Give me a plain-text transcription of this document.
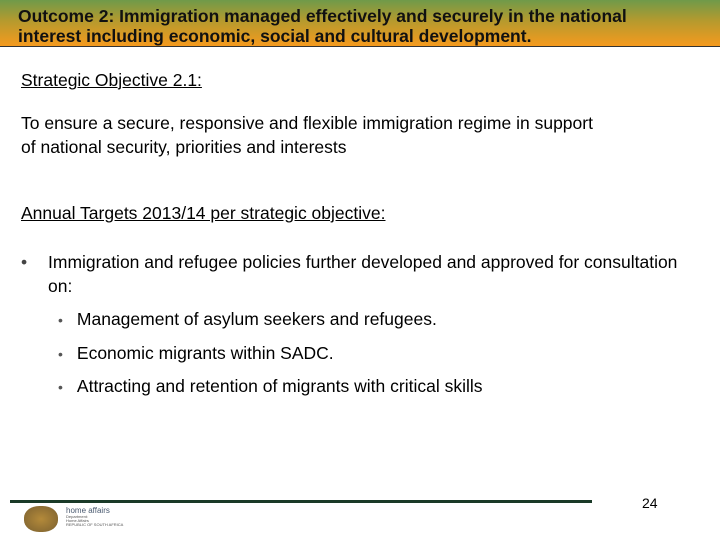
Outcome 2: Immigration managed effectively and securely in the national
interest including economic, social and cultural development.
Strategic Objective 2.1:
To ensure a secure, responsive and flexible immigration regime in support
of national security, priorities and interests
Annual Targets 2013/14 per strategic objective:
• Immigration and refugee policies further developed and approved for consultation on:
• Management of asylum seekers and refugees.
• Economic migrants within SADC.
• Attracting and retention of migrants with critical skills
home affairs
Department:
Home Affairs
REPUBLIC OF SOUTH AFRICA
24
